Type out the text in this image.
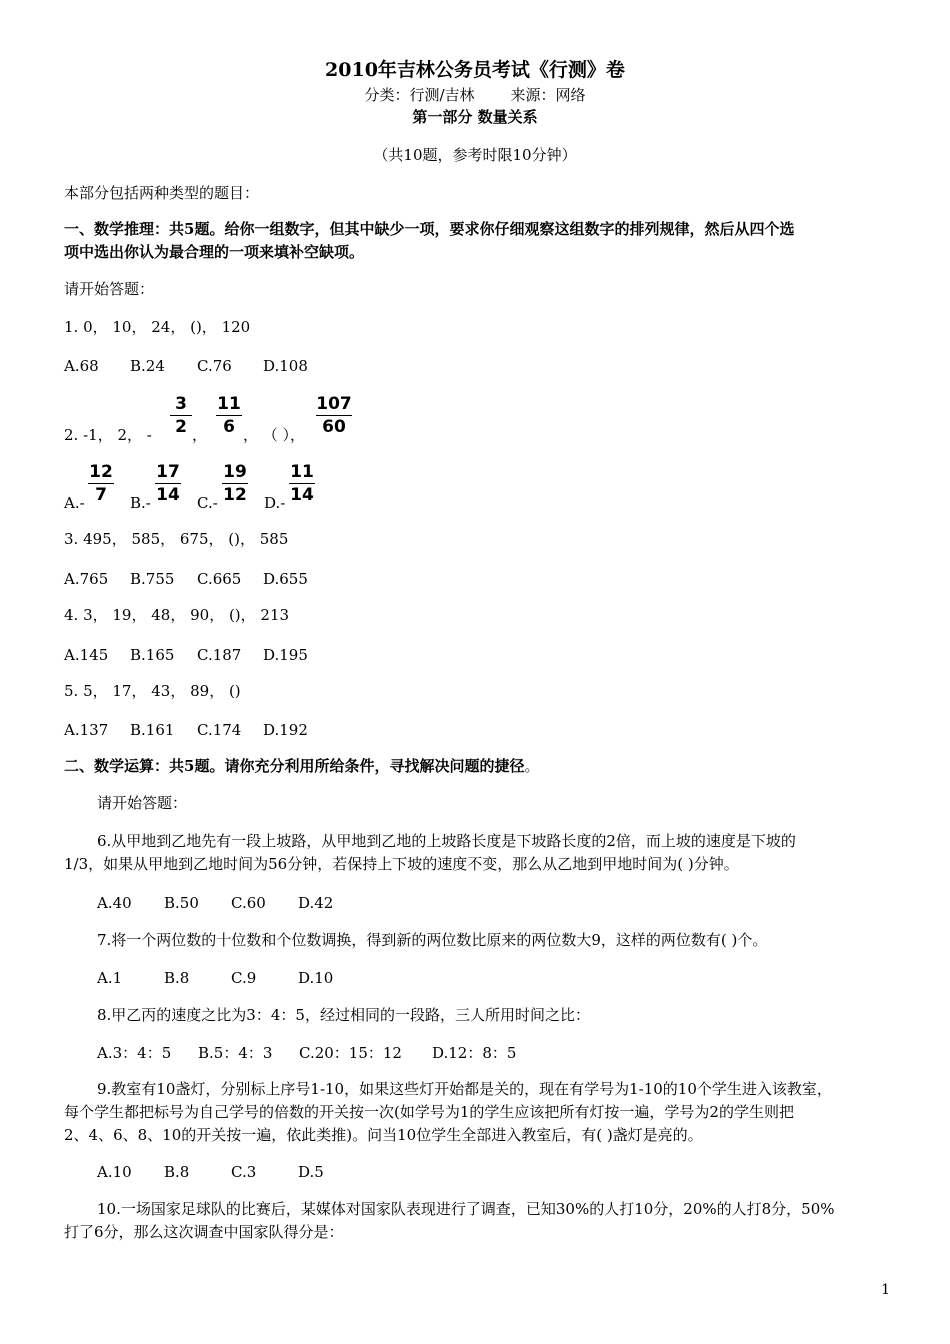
2010年吉林公务员考试《行测》卷
分类：行测/吉林 来源：网络
第一部分 数量关系
（共10题，参考时限10分钟）
本部分包括两种类型的题目：
一、数学推理：共5题。给你一组数字，但其中缺少一项，要求你仔细观察这组数字的排列规律，然后从四个选
项中选出你认为最合理的一项来填补空缺项。
请开始答题：
1. 0， 10， 24， ()， 120
A.68 B.24 C.76 D.108
2. -1， 2， -
3
2 ，
11
6 ， （ ），
107
60
A.-
12
7	B.-
17
14 C.-
19
12 D.-
11
14
3. 495， 585， 675， ()， 585
A.765 B.755 C.665 D.655
4. 3， 19， 48， 90， ()， 213
A.145 B.165 C.187 D.195
5. 5， 17， 43， 89， ()
A.137 B.161 C.174 D.192
二、数学运算：共5题。请你充分利用所给条件，寻找解决问题的捷径。
请开始答题：
6.从甲地到乙地先有一段上坡路，从甲地到乙地的上坡路长度是下坡路长度的2倍，而上坡的速度是下坡的
1/3，如果从甲地到乙地时间为56分钟，若保持上下坡的速度不变，那么从乙地到甲地时间为( )分钟。
A.40 B.50 C.60 D.42
7.将一个两位数的十位数和个位数调换，得到新的两位数比原来的两位数大9，这样的两位数有( )个。
A.1	B.8	C.9	D.10
8.甲乙丙的速度之比为3：4：5，经过相同的一段路，三人所用时间之比：
A.3：4：5 B.5：4：3 C.20：15：12 D.12：8：5
9.教室有10盏灯，分别标上序号1-10，如果这些灯开始都是关的，现在有学号为1-10的10个学生进入该教室，
每个学生都把标号为自己学号的倍数的开关按一次(如学号为1的学生应该把所有灯按一遍，学号为2的学生则把
2、4、6、8、10的开关按一遍，依此类推)。问当10位学生全部进入教室后，有( )盏灯是亮的。
A.10 B.8	C.3	D.5
10.一场国家足球队的比赛后，某媒体对国家队表现进行了调查，已知30%的人打10分，20%的人打8分，50%
打了6分，那么这次调查中国家队得分是：
1
